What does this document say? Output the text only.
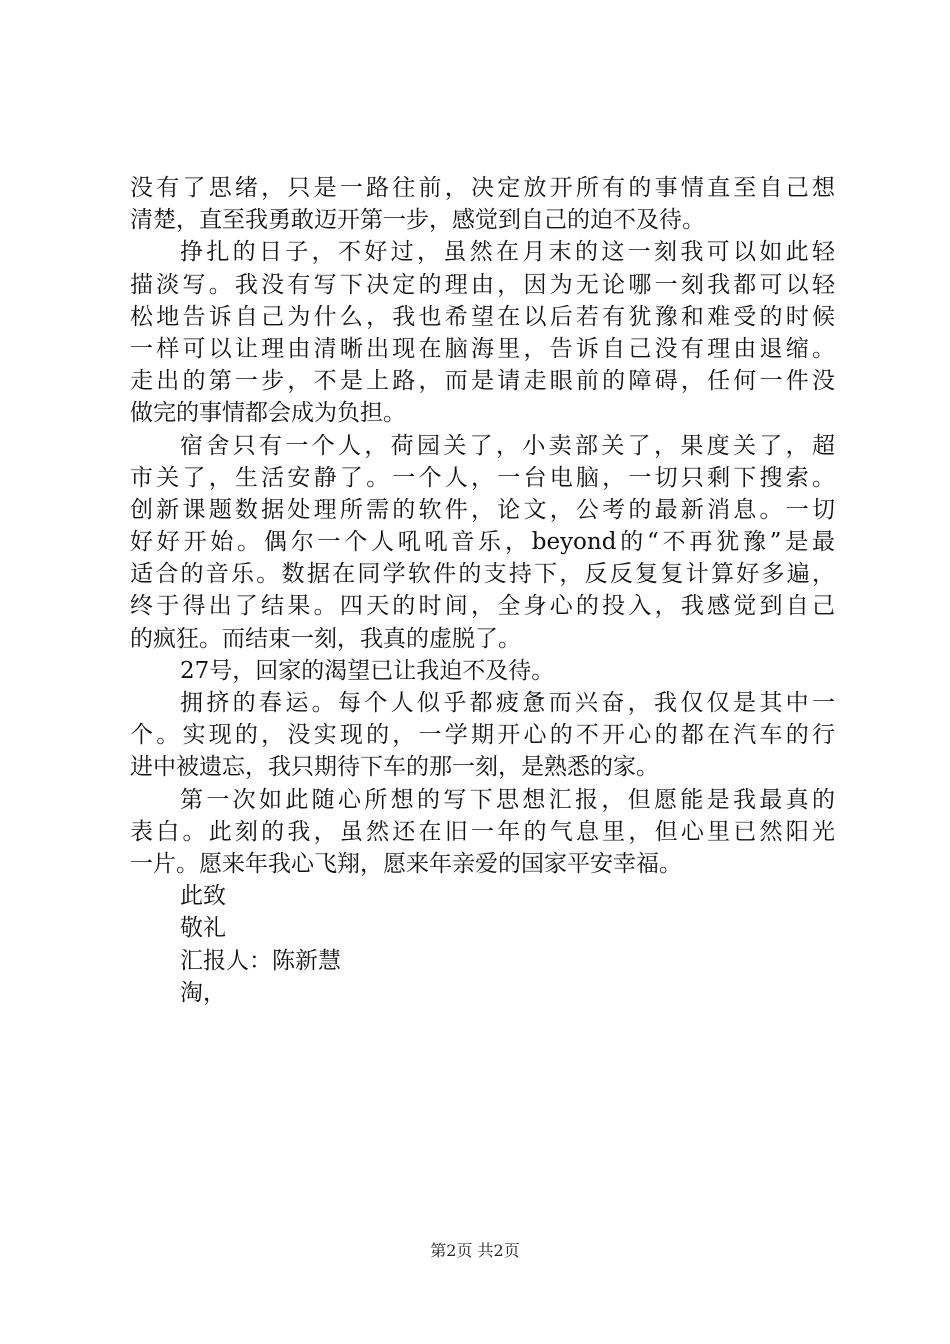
没有了思绪，只是一路往前，决定放开所有的事情直至自己想
清楚，直至我勇敢迈开第一步，感觉到自己的迫不及待。
挣扎的日子，不好过，虽然在月末的这一刻我可以如此轻
描淡写。我没有写下决定的理由，因为无论哪一刻我都可以轻
松地告诉自己为什么，我也希望在以后若有犹豫和难受的时候
一样可以让理由清晰出现在脑海里，告诉自己没有理由退缩。
走出的第一步，不是上路，而是请走眼前的障碍，任何一件没
做完的事情都会成为负担。
宿舍只有一个人，荷园关了，小卖部关了，果度关了，超
市关了，生活安静了。一个人，一台电脑，一切只剩下搜索。
创新课题数据处理所需的软件，论文，公考的最新消息。一切
好好开始。偶尔一个人吼吼音乐，beyond的“不再犹豫”是最
适合的音乐。数据在同学软件的支持下，反反复复计算好多遍，
终于得出了结果。四天的时间，全身心的投入，我感觉到自己
的疯狂。而结束一刻，我真的虚脱了。
27号，回家的渴望已让我迫不及待。
拥挤的春运。每个人似乎都疲惫而兴奋，我仅仅是其中一
个。实现的，没实现的，一学期开心的不开心的都在汽车的行
进中被遗忘，我只期待下车的那一刻，是熟悉的家。
第一次如此随心所想的写下思想汇报，但愿能是我最真的
表白。此刻的我，虽然还在旧一年的气息里，但心里已然阳光
一片。愿来年我心飞翔，愿来年亲爱的国家平安幸福。
此致
敬礼
汇报人：陈新慧
淘，
第2页 共2页
